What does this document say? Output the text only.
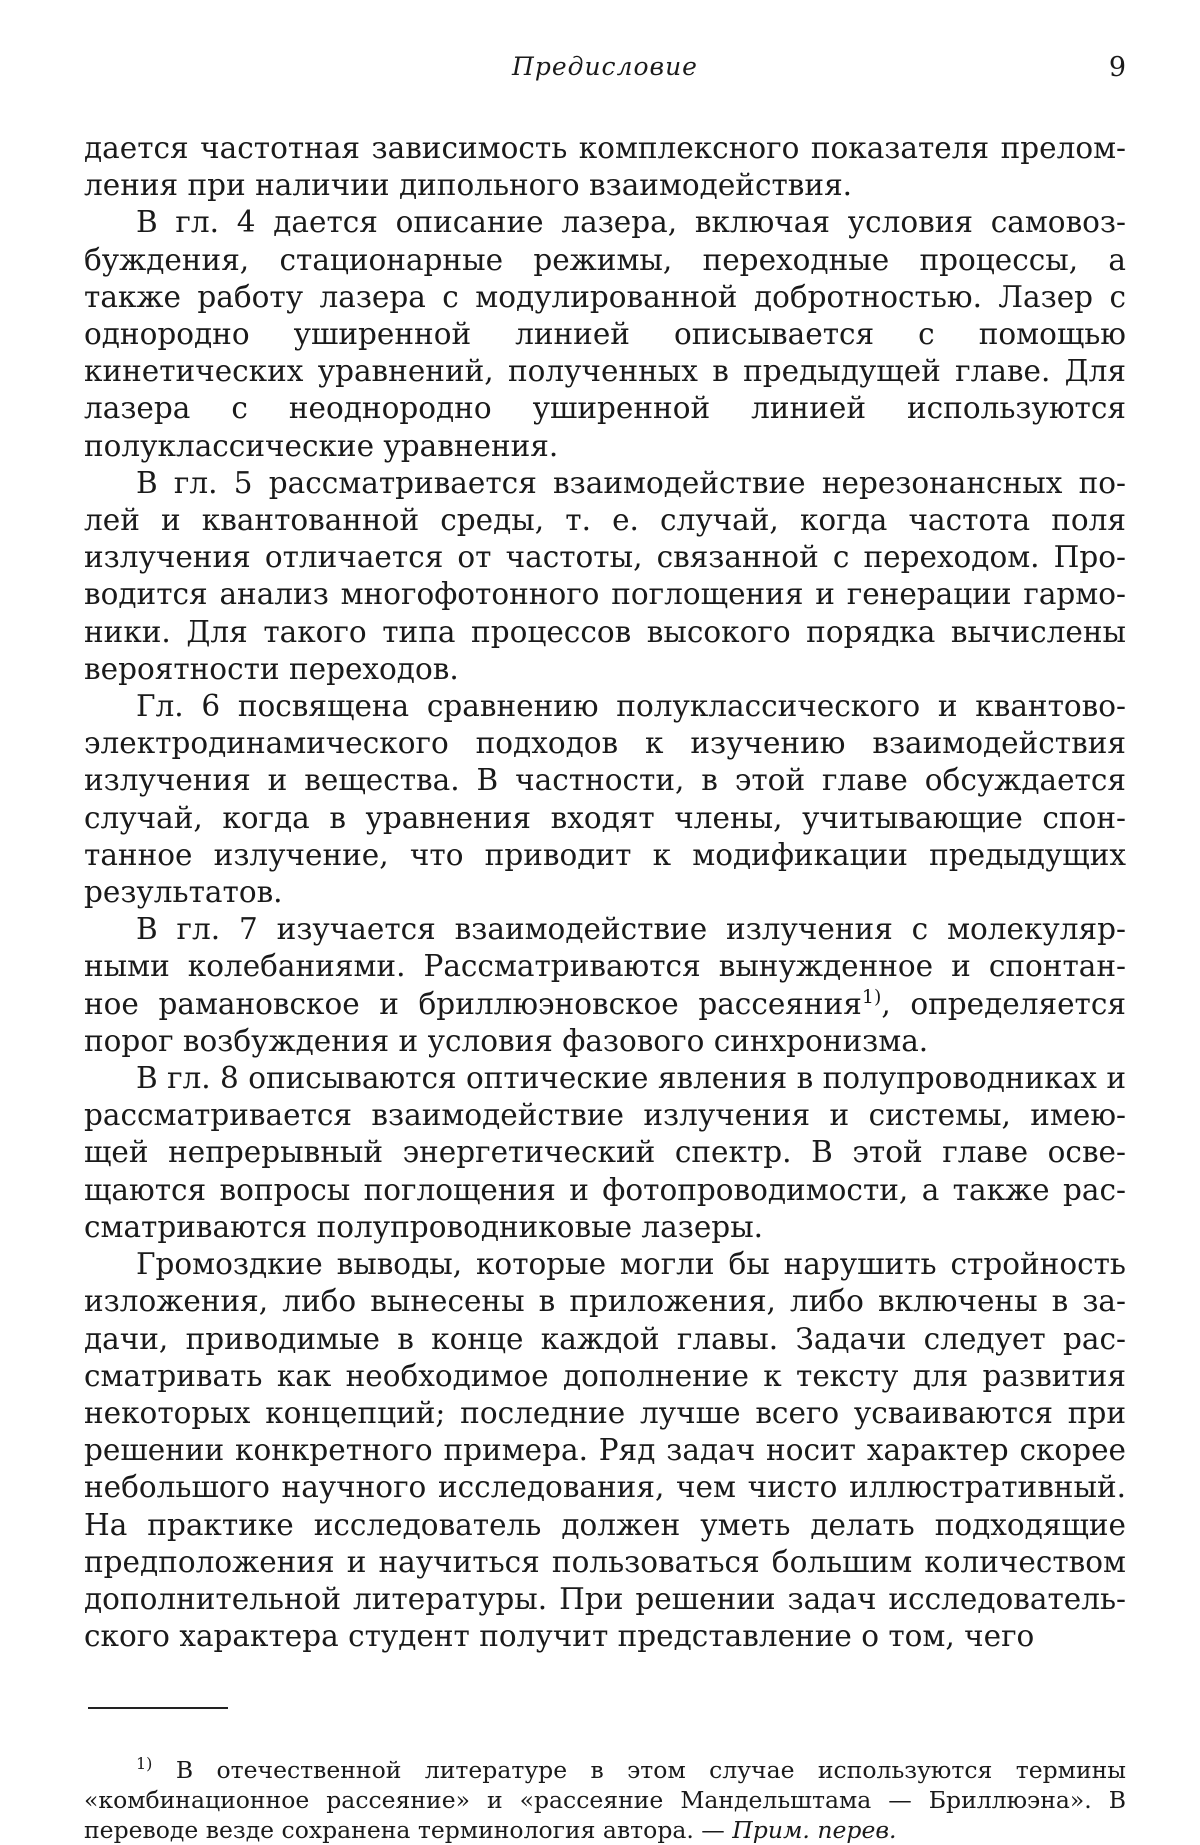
Предисловие	9

дается частотная зависимость комплексного показателя преломления при наличии дипольного взаимодействия.

В гл. 4 дается описание лазера, включая условия самовозбуждения, стационарные режимы, переходные процессы, а также работу лазера с модулированной добротностью. Лазер с однородно уширенной линией описывается с помощью кинетических уравнений, полученных в предыдущей главе. Для лазера с неоднородно уширенной линией используются полуклассические уравнения.

В гл. 5 рассматривается взаимодействие нерезонансных полей и квантованной среды, т. е. случай, когда частота поля излучения отличается от частоты, связанной с переходом. Проводится анализ многофотонного поглощения и генерации гармоники. Для такого типа процессов высокого порядка вычислены вероятности переходов.

Гл. 6 посвящена сравнению полуклассического и квантовоэлектродинамического подходов к изучению взаимодействия излучения и вещества. В частности, в этой главе обсуждается случай, когда в уравнения входят члены, учитывающие спонтанное излучение, что приводит к модификации предыдущих результатов.

В гл. 7 изучается взаимодействие излучения с молекулярными колебаниями. Рассматриваются вынужденное и спонтанное рамановское и бриллюэновское рассеяния$^{1)}$, определяется порог возбуждения и условия фазового синхронизма.

В гл. 8 описываются оптические явления в полупроводниках и рассматривается взаимодействие излучения и системы, имеющей непрерывный энергетический спектр. В этой главе освещаются вопросы поглощения и фотопроводимости, а также рассматриваются полупроводниковые лазеры.

Громоздкие выводы, которые могли бы нарушить стройность изложения, либо вынесены в приложения, либо включены в задачи, приводимые в конце каждой главы. Задачи следует рассматривать как необходимое дополнение к тексту для развития некоторых концепций; последние лучше всего усваиваются при решении конкретного примера. Ряд задач носит характер скорее небольшого научного исследования, чем чисто иллюстративный. На практике исследователь должен уметь делать подходящие предположения и научиться пользоваться большим количеством дополнительной литературы. При решении задач исследовательского характера студент получит представление о том, чего

$^{1)}$ В отечественной литературе в этом случае используются термины «комбинационное рассеяние» и «рассеяние Мандельштама — Бриллюэна». В переводе везде сохранена терминология автора. — Прим. перев.
